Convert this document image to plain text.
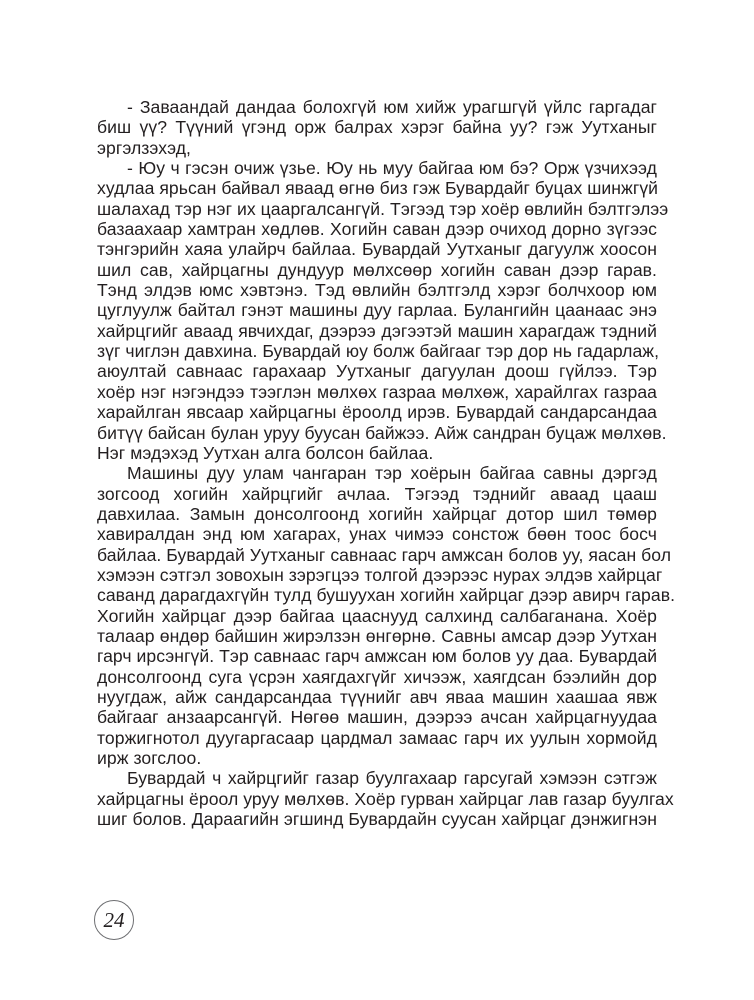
- Заваандай дандаа болохгүй юм хийж урагшгүй үйлс гаргадаг
биш үү? Түүний үгэнд орж балрах хэрэг байна уу? гэж Уутханыг
эргэлзэхэд,
- Юу ч гэсэн очиж үзье. Юу нь муу байгаа юм бэ? Орж үзчихээд
худлаа ярьсан байвал яваад өгнө биз гэж Бувардайг буцах шинжгүй
шалахад тэр нэг их цааргалсангүй. Тэгээд тэр хоёр өвлийн бэлтгэлээ
базаахаар хамтран хөдлөв. Хогийн саван дээр очиход дорно зүгээс
тэнгэрийн хаяа улайрч байлаа. Бувардай Уутханыг дагуулж хоосон
шил сав, хайрцагны дундуур мөлхсөөр хогийн саван дээр гарав.
Тэнд элдэв юмс хэвтэнэ. Тэд өвлийн бэлтгэлд хэрэг болчхоор юм
цуглуулж байтал гэнэт машины дуу гарлаа. Булангийн цаанаас энэ
хайрцгийг аваад явчихдаг, дээрээ дэгээтэй машин харагдаж тэдний
зүг чиглэн давхина. Бувардай юу болж байгааг тэр дор нь гадарлаж,
аюултай савнаас гарахаар Уутханыг дагуулан доош гүйлээ. Тэр
хоёр нэг нэгэндээ тээглэн мөлхөх газраа мөлхөж, харайлгах газраа
харайлган явсаар хайрцагны ёроолд ирэв. Бувардай сандарсандаа
битүү байсан булан уруу буусан байжээ. Айж сандран буцаж мөлхөв.
Нэг мэдэхэд Уутхан алга болсон байлаа.
Машины дуу улам чангаран тэр хоёрын байгаа савны дэргэд
зогсоод хогийн хайрцгийг ачлаа. Тэгээд тэднийг аваад цааш
давхилаа. Замын донсолгоонд хогийн хайрцаг дотор шил төмөр
хавиралдан энд юм хагарах, унах чимээ сонстож бөөн тоос босч
байлаа. Бувардай Уутханыг савнаас гарч амжсан болов уу, яасан бол
хэмээн сэтгэл зовохын зэрэгцээ толгой дээрээс нурах элдэв хайрцаг
саванд дарагдахгүйн тулд бушуухан хогийн хайрцаг дээр авирч гарав.
Хогийн хайрцаг дээр байгаа цааснууд салхинд салбаганана. Хоёр
талаар өндөр байшин жирэлзэн өнгөрнө. Савны амсар дээр Уутхан
гарч ирсэнгүй. Тэр савнаас гарч амжсан юм болов уу даа. Бувардай
донсолгоонд суга үсрэн хаягдахгүйг хичээж, хаягдсан бээлийн дор
нуугдаж, айж сандарсандаа түүнийг авч яваа машин хаашаа явж
байгааг анзаарсангүй. Нөгөө машин, дээрээ ачсан хайрцагнуудаа
торжигнотол дуугаргасаар цардмал замаас гарч их уулын хормойд
ирж зогслоо.
Бувардай ч хайрцгийг газар буулгахаар гарсугай хэмээн сэтгэж
хайрцагны ёроол уруу мөлхөв. Хоёр гурван хайрцаг лав газар буулгах
шиг болов. Дараагийн эгшинд Бувардайн суусан хайрцаг дэнжигнэн
24
